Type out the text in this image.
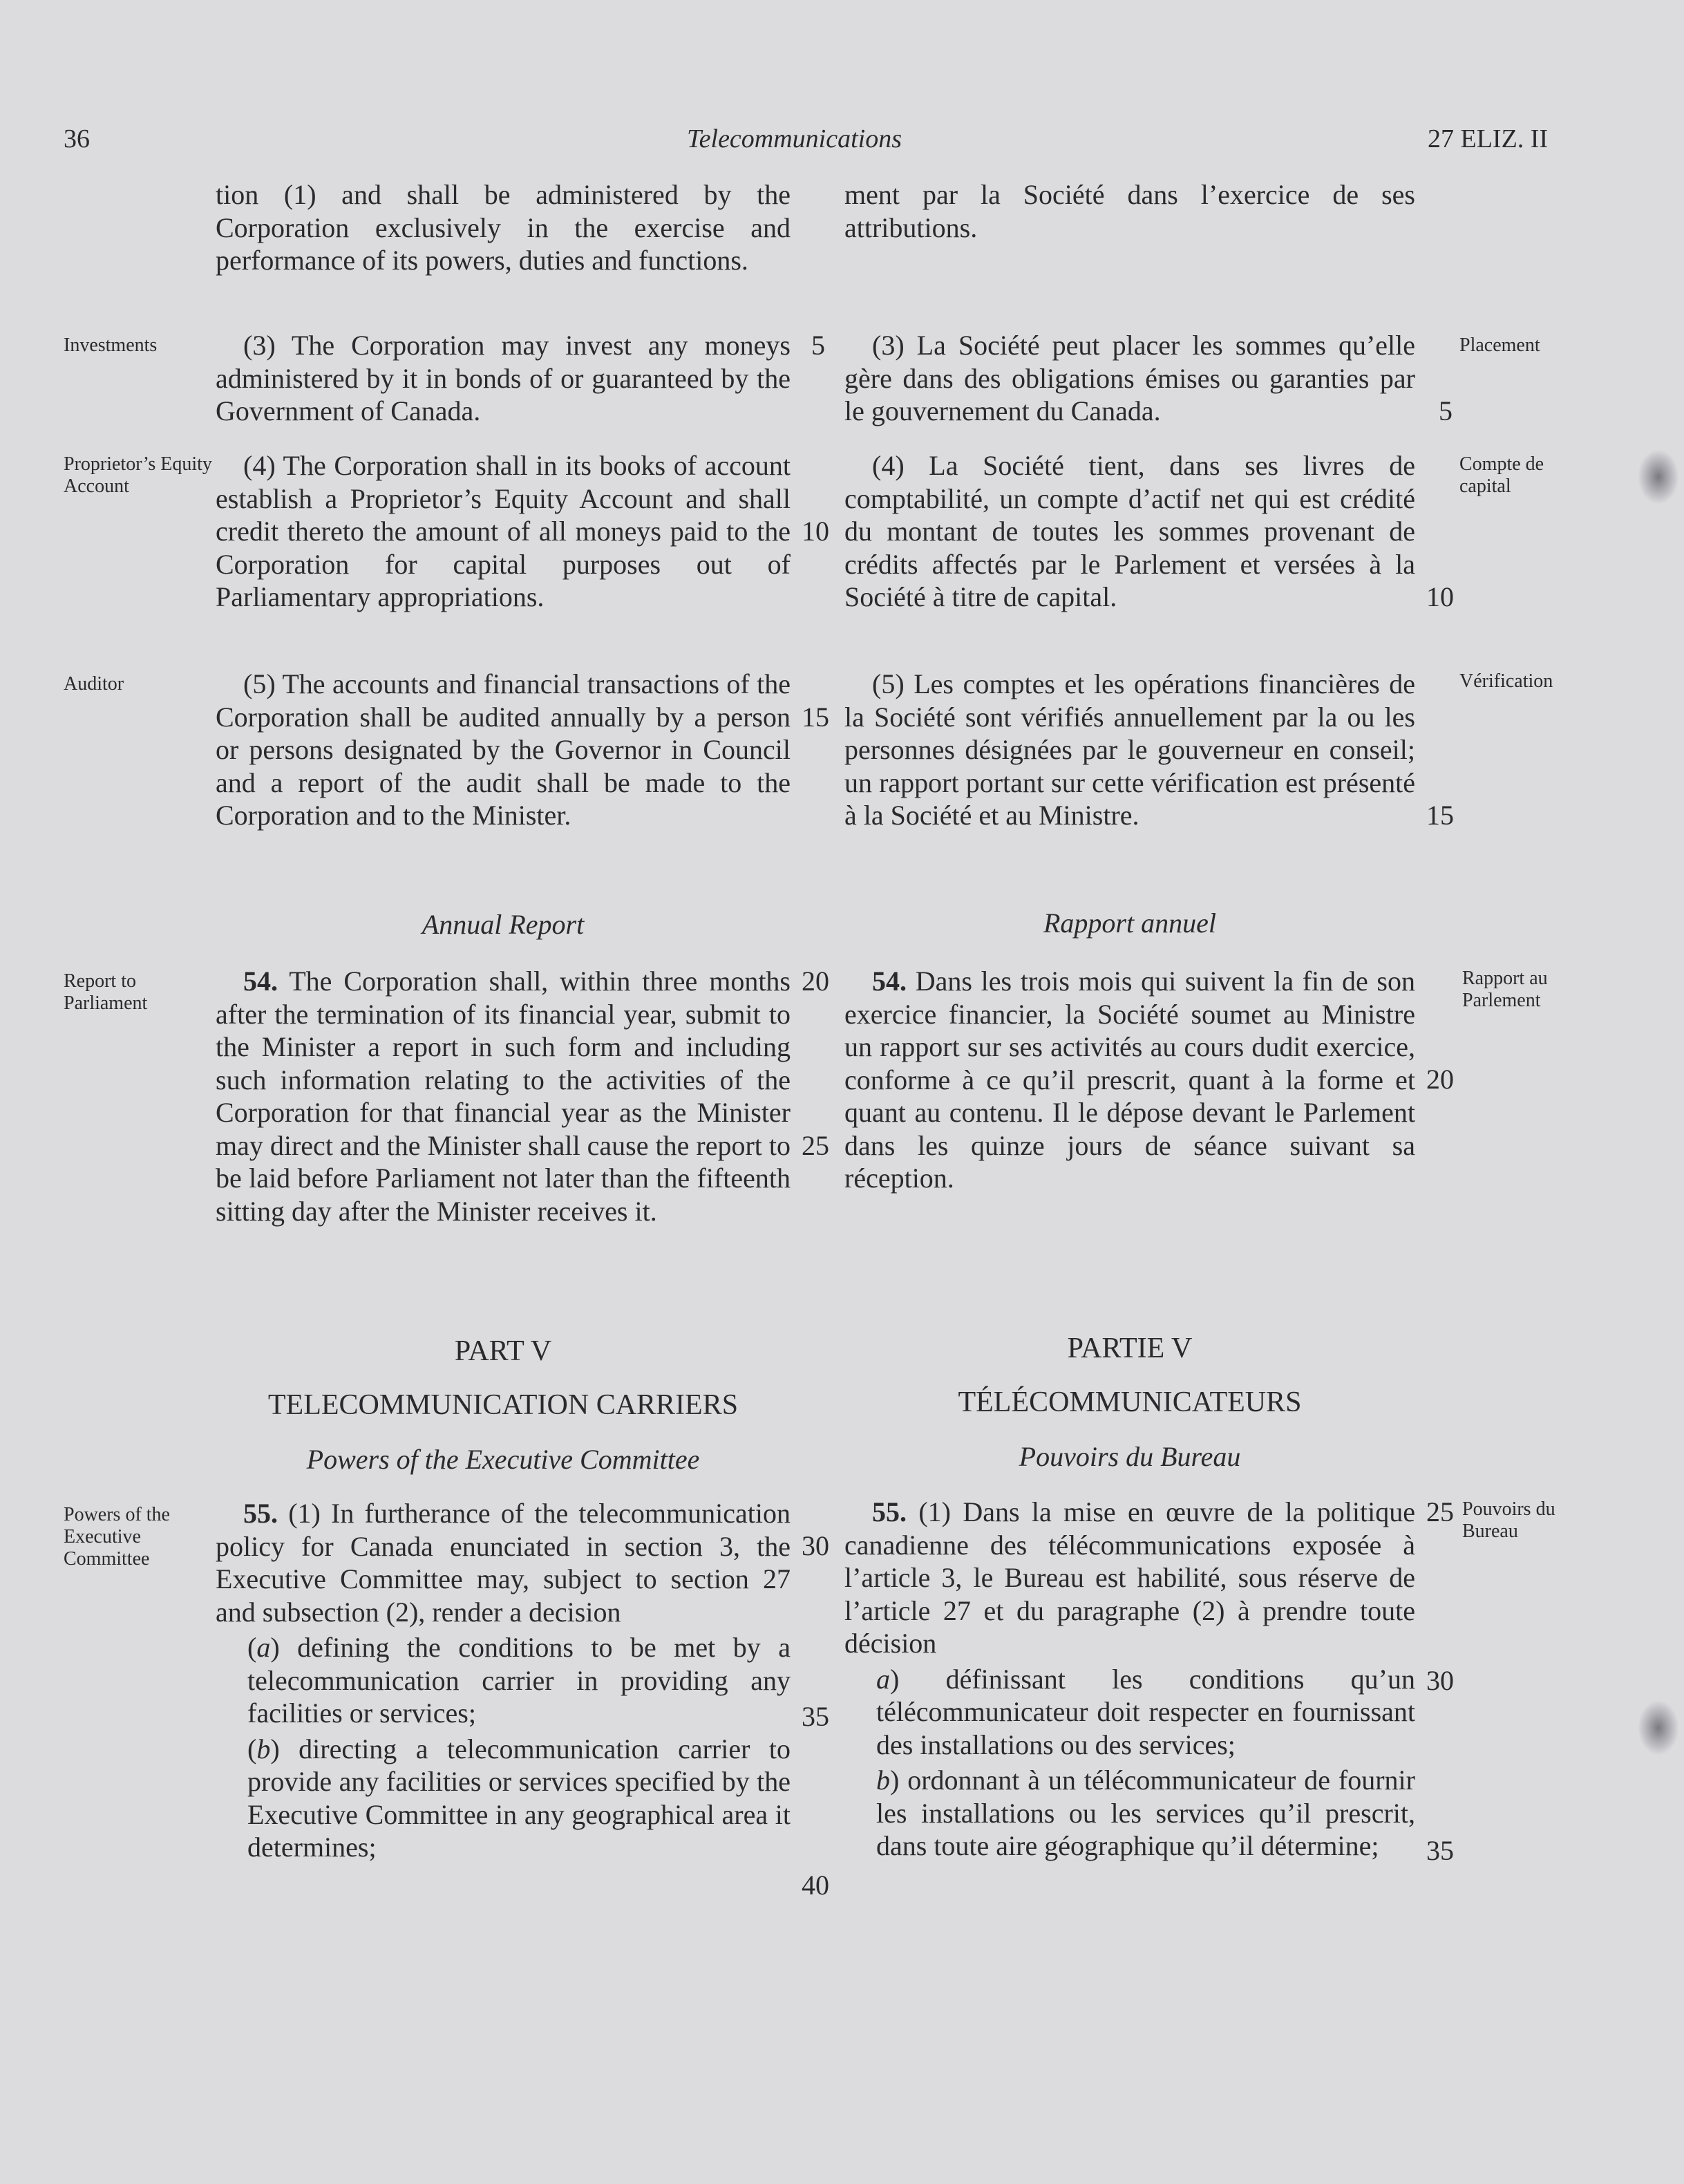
36	Telecommunications	27 ELIZ. II
Investments
Proprietor’s Equity Account
Auditor
Report to Parliament
Powers of the Executive Committee
Placement
Compte de capital
Vérification
Rapport au Parlement
Pouvoirs du Bureau

tion (1) and shall be administered by the Corporation exclusively in the exercise and performance of its powers, duties and functions.

(3) The Corporation may invest any moneys administered by it in bonds of or guaranteed by the Government of Canada.

(4) The Corporation shall in its books of account establish a Proprietor’s Equity Account and shall credit thereto the amount of all moneys paid to the Corporation for capital purposes out of Parliamentary appropriations.

(5) The accounts and financial transactions of the Corporation shall be audited annually by a person or persons designated by the Governor in Council and a report of the audit shall be made to the Corporation and to the Minister.

Annual Report

54. The Corporation shall, within three months after the termination of its financial year, submit to the Minister a report in such form and including such information relating to the activities of the Corporation for that financial year as the Minister may direct and the Minister shall cause the report to be laid before Parliament not later than the fifteenth sitting day after the Minister receives it.

PART V
TELECOMMUNICATION CARRIERS
Powers of the Executive Committee

55. (1) In furtherance of the telecommunication policy for Canada enunciated in section 3, the Executive Committee may, subject to section 27 and subsection (2), render a decision

(a) defining the conditions to be met by a telecommunication carrier in providing any facilities or services;

(b) directing a telecommunication carrier to provide any facilities or services specified by the Executive Committee in any geographical area it determines;

5
10
15
20
25
30
35
40

ment par la Société dans l’exercice de ses attributions.

(3) La Société peut placer les sommes qu’elle gère dans des obligations émises ou garanties par le gouvernement du Canada.

(4) La Société tient, dans ses livres de comptabilité, un compte d’actif net qui est crédité du montant de toutes les sommes provenant de crédits affectés par le Parlement et versées à la Société à titre de capital.

(5) Les comptes et les opérations financières de la Société sont vérifiés annuellement par la ou les personnes désignées par le gouverneur en conseil; un rapport portant sur cette vérification est présenté à la Société et au Ministre.

Rapport annuel

54. Dans les trois mois qui suivent la fin de son exercice financier, la Société soumet au Ministre un rapport sur ses activités au cours dudit exercice, conforme à ce qu’il prescrit, quant à la forme et quant au contenu. Il le dépose devant le Parlement dans les quinze jours de séance suivant sa réception.

PARTIE V
TÉLÉCOMMUNICATEURS
Pouvoirs du Bureau

55. (1) Dans la mise en œuvre de la politique canadienne des télécommunications exposée à l’article 3, le Bureau est habilité, sous réserve de l’article 27 et du paragraphe (2) à prendre toute décision

a) définissant les conditions qu’un télécommunicateur doit respecter en fournissant des installations ou des services;

b) ordonnant à un télécommunicateur de fournir les installations ou les services qu’il prescrit, dans toute aire géographique qu’il détermine;

5
10
15
20
25
30
35
